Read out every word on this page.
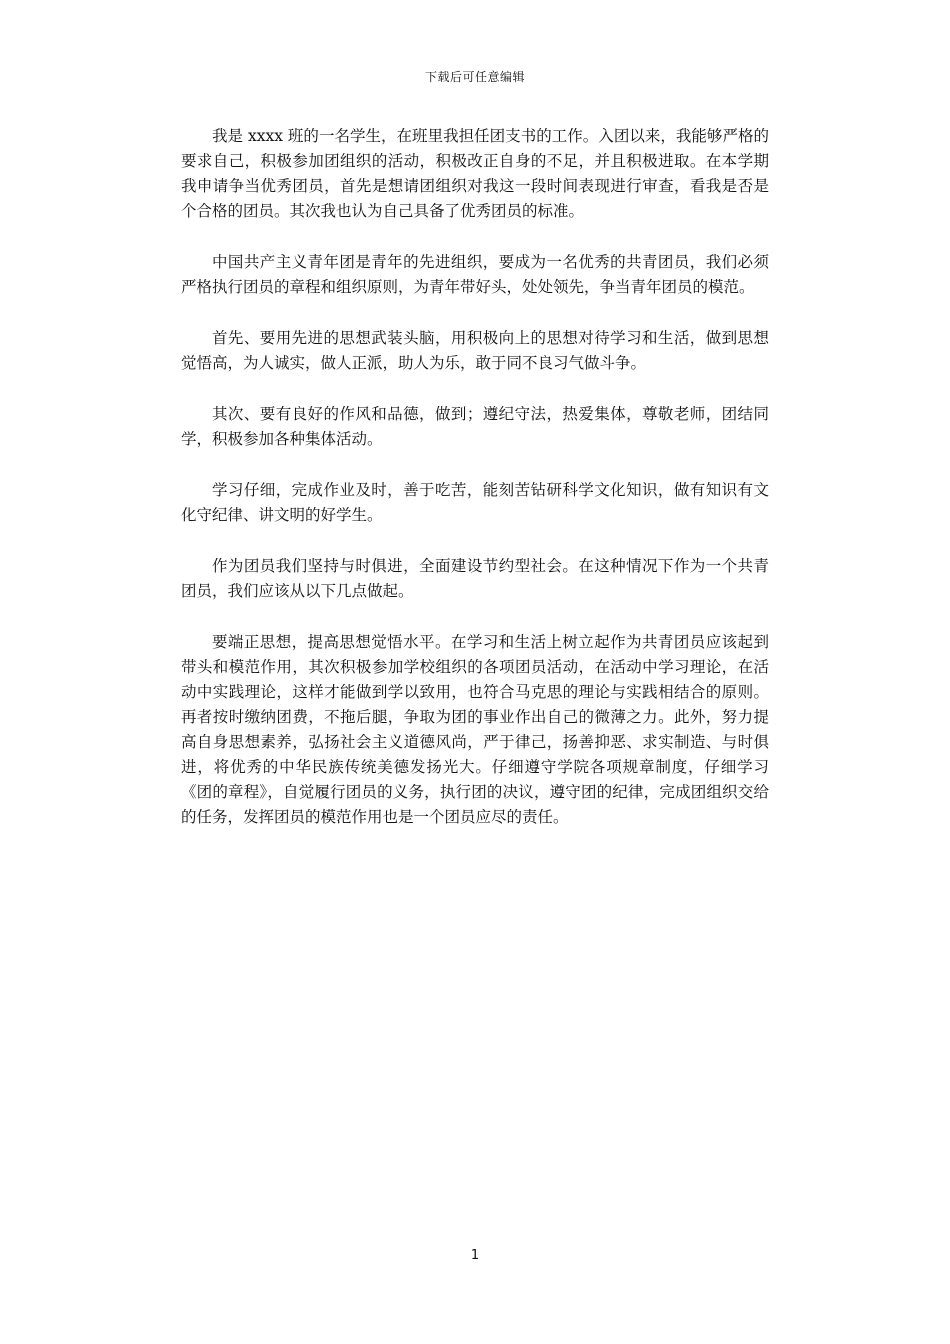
下载后可任意编辑

我是 xxxx 班的一名学生，在班里我担任团支书的工作。入团以来，我能够严格的要求自己，积极参加团组织的活动，积极改正自身的不足，并且积极进取。在本学期我申请争当优秀团员，首先是想请团组织对我这一段时间表现进行审查，看我是否是个合格的团员。其次我也认为自己具备了优秀团员的标准。

中国共产主义青年团是青年的先进组织，要成为一名优秀的共青团员，我们必须严格执行团员的章程和组织原则，为青年带好头，处处领先，争当青年团员的模范。

首先、要用先进的思想武装头脑，用积极向上的思想对待学习和生活，做到思想觉悟高，为人诚实，做人正派，助人为乐，敢于同不良习气做斗争。

其次、要有良好的作风和品德，做到；遵纪守法，热爱集体，尊敬老师，团结同学，积极参加各种集体活动。

学习仔细，完成作业及时，善于吃苦，能刻苦钻研科学文化知识，做有知识有文化守纪律、讲文明的好学生。

作为团员我们坚持与时俱进，全面建设节约型社会。在这种情况下作为一个共青团员，我们应该从以下几点做起。

要端正思想，提高思想觉悟水平。在学习和生活上树立起作为共青团员应该起到带头和模范作用，其次积极参加学校组织的各项团员活动，在活动中学习理论，在活动中实践理论，这样才能做到学以致用，也符合马克思的理论与实践相结合的原则。再者按时缴纳团费，不拖后腿，争取为团的事业作出自己的微薄之力。此外，努力提高自身思想素养，弘扬社会主义道德风尚，严于律己，扬善抑恶、求实制造、与时俱进，将优秀的中华民族传统美德发扬光大。仔细遵守学院各项规章制度，仔细学习《团的章程》，自觉履行团员的义务，执行团的决议，遵守团的纪律，完成团组织交给的任务，发挥团员的模范作用也是一个团员应尽的责任。

1
